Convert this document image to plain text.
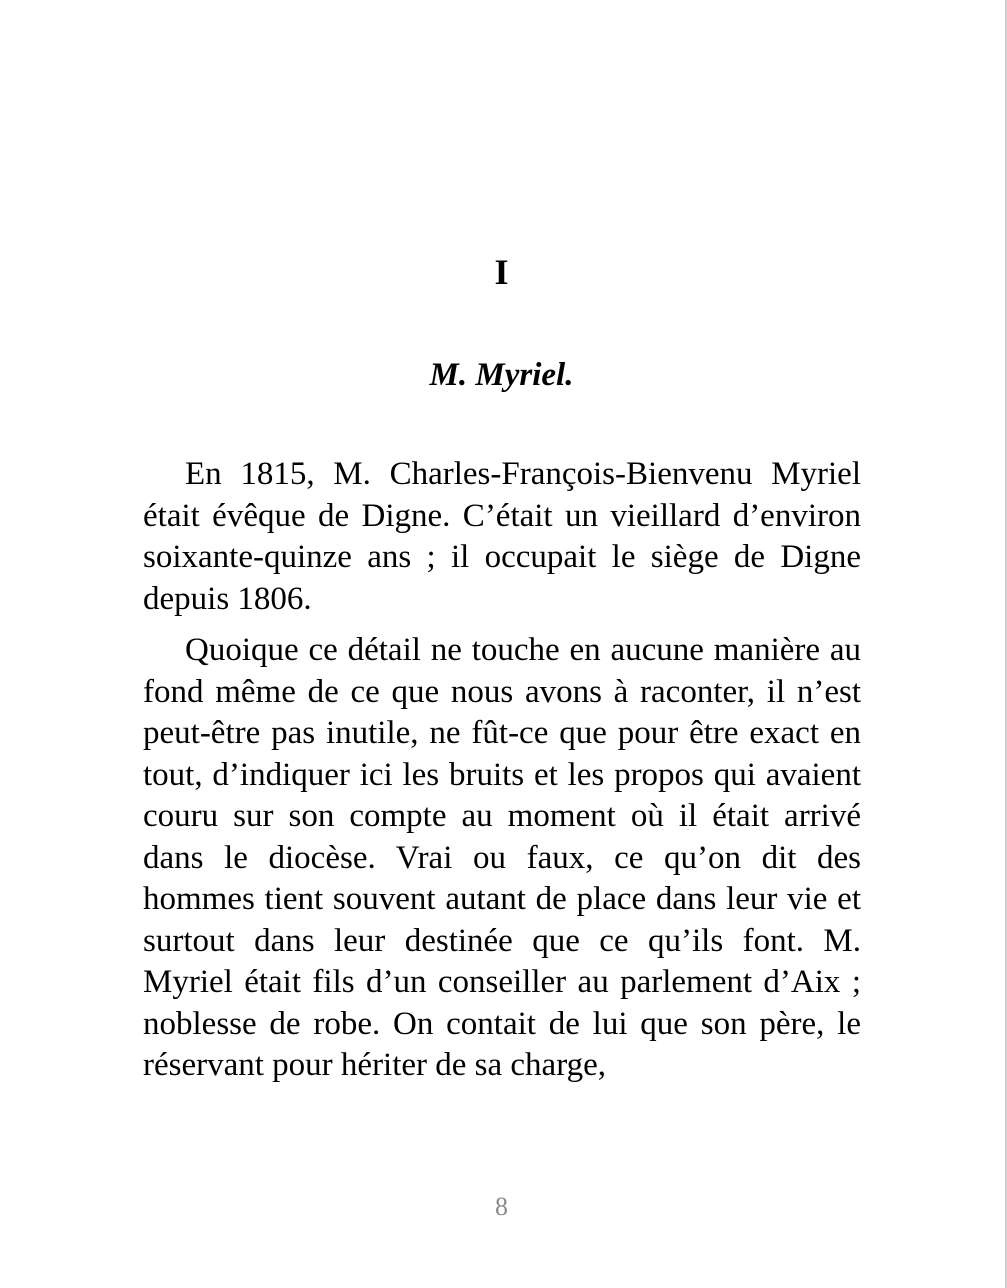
I
M. Myriel.

En 1815, M. Charles-François-Bienvenu Myriel était évêque de Digne. C’était un vieillard d’environ soixante-quinze ans ; il occupait le siège de Digne depuis 1806.

Quoique ce détail ne touche en aucune manière au fond même de ce que nous avons à raconter, il n’est peut-être pas inutile, ne fût-ce que pour être exact en tout, d’indiquer ici les bruits et les propos qui avaient couru sur son compte au moment où il était arrivé dans le diocèse. Vrai ou faux, ce qu’on dit des hommes tient souvent autant de place dans leur vie et surtout dans leur destinée que ce qu’ils font. M. Myriel était fils d’un conseiller au parlement d’Aix ; noblesse de robe. On contait de lui que son père, le réservant pour hériter de sa charge,

8
